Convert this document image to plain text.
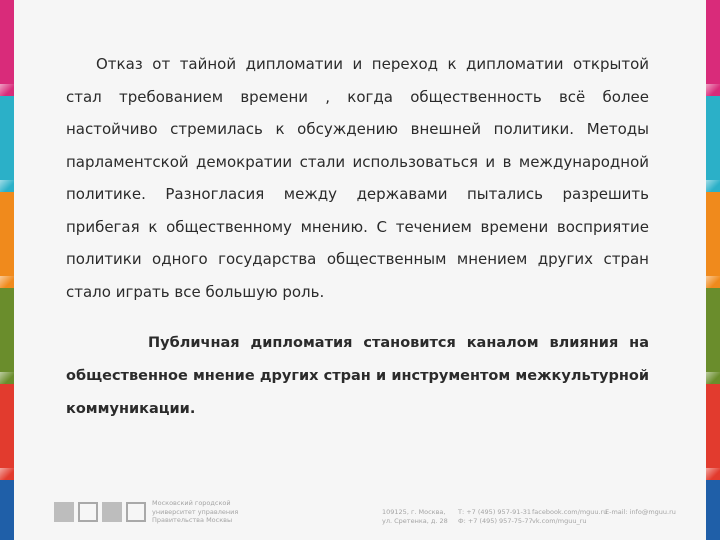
Отказ от тайной дипломатии и переход к дипломатии открытой стал требованием времени , когда общественность всё более настойчиво стремилась к обсуждению внешней политики. Методы парламентской демократии стали использоваться и в международной политике. Разногласия между державами пытались разрешить прибегая к общественному мнению. С течением времени восприятие политики одного государства общественным мнением других стран стало играть все большую роль.

Публичная дипломатия становится каналом влияния на общественное мнение других стран и инструментом межкультурной коммуникации.

Московский городской
университет управления
Правительства Москвы
109125, г. Москва,
ул. Сретенка, д. 28
Т: +7 (495) 957-91-31
Ф: +7 (495) 957-75-77
facebook.com/mguu.ru
vk.com/mguu_ru
E-mail: info@mguu.ru
